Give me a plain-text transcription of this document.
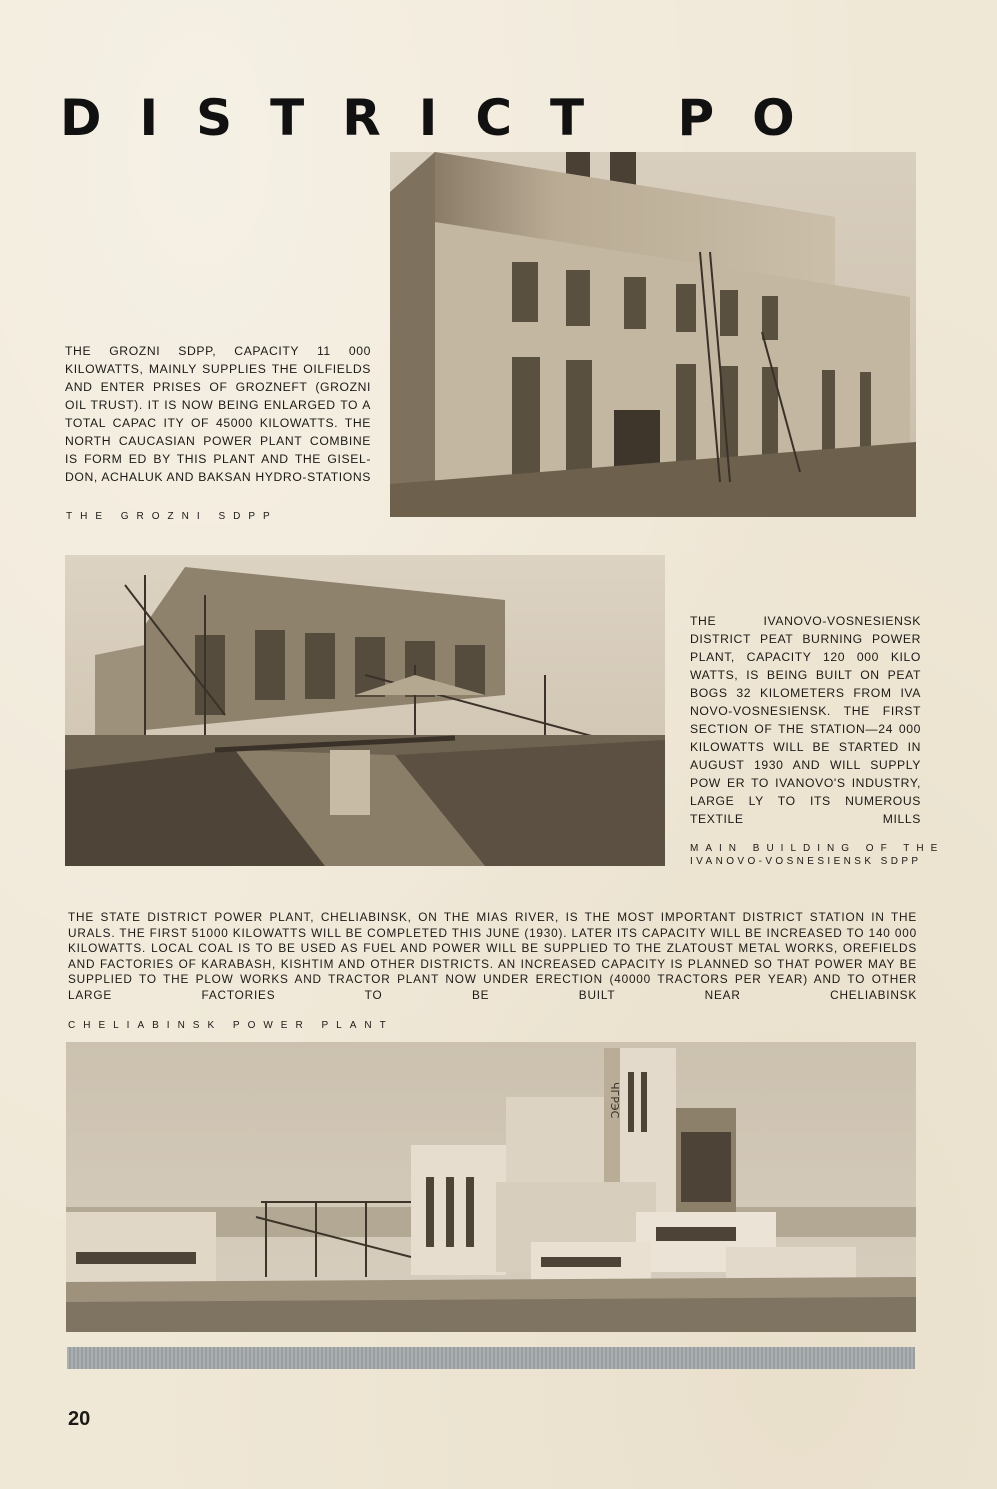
DISTRICT PO
THE GROZNI SDPP, CAPACITY 11 000 KILOWATTS, MAINLY SUPPLIES THE OILFIELDS AND ENTER PRISES OF GROZNEFT (GROZNI OIL TRUST). IT IS NOW BEING ENLARGED TO A TOTAL CAPAC ITY OF 45000 KILOWATTS. THE NORTH CAUCASIAN POWER PLANT COMBINE IS FORM ED BY THIS PLANT AND THE GISEL-DON, ACHALUK AND BAKSAN HYDRO-STATIONS
THE GROZNI SDPP
THE IVANOVO-VOSNESIENSK DISTRICT PEAT BURNING POWER PLANT, CAPACITY 120 000 KILO WATTS, IS BEING BUILT ON PEAT BOGS 32 KILOMETERS FROM IVA NOVO-VOSNESIENSK. THE FIRST SECTION OF THE STATION—24 000 KILOWATTS WILL BE STARTED IN AUGUST 1930 AND WILL SUPPLY POW ER TO IVANOVO'S INDUSTRY, LARGE LY TO ITS NUMEROUS TEXTILE MILLS
MAIN BUILDING OF THE
IVANOVO-VOSNESIENSK SDPP
THE STATE DISTRICT POWER PLANT, CHELIABINSK, ON THE MIAS RIVER, IS THE MOST IMPORTANT DISTRICT STATION IN THE URALS. THE FIRST 51000 KILOWATTS WILL BE COMPLETED THIS JUNE (1930). LATER ITS CAPACITY WILL BE INCREASED TO 140 000 KILOWATTS. LOCAL COAL IS TO BE USED AS FUEL AND POWER WILL BE SUPPLIED TO THE ZLATOUST METAL WORKS, OREFIELDS AND FACTORIES OF KARABASH, KISHTIM AND OTHER DISTRICTS. AN INCREASED CAPACITY IS PLANNED SO THAT POWER MAY BE SUPPLIED TO THE PLOW WORKS AND TRACTOR PLANT NOW UNDER ERECTION (40000 TRACTORS PER YEAR) AND TO OTHER LARGE FACTORIES TO BE BUILT NEAR CHELIABINSK
CHELIABINSK POWER PLANT
ЧГРЭС
20
